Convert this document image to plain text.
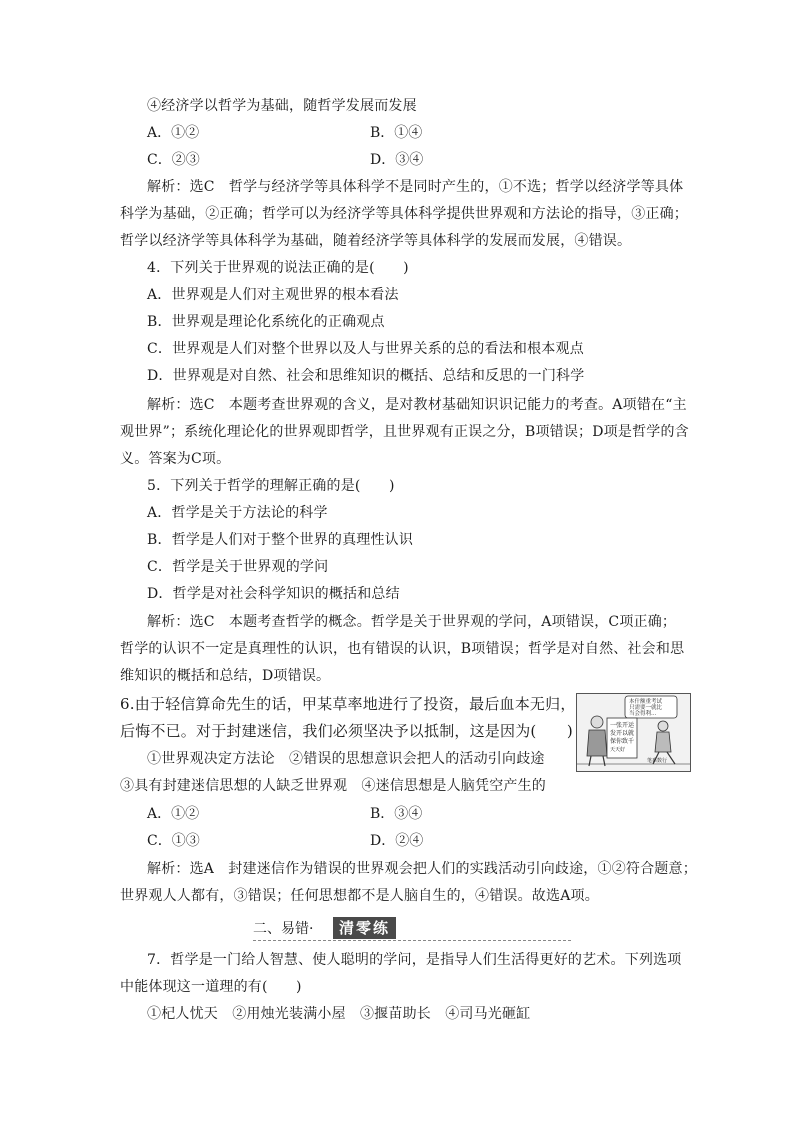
④经济学以哲学为基础，随哲学发展而发展
A．①②	B．①④
C．②③	D．③④
解析：选C　哲学与经济学等具体科学不是同时产生的，①不选；哲学以经济学等具体
科学为基础，②正确；哲学可以为经济学等具体科学提供世界观和方法论的指导，③正确；
哲学以经济学等具体科学为基础，随着经济学等具体科学的发展而发展，④错误。
4．下列关于世界观的说法正确的是(　　)
A．世界观是人们对主观世界的根本看法
B．世界观是理论化系统化的正确观点
C．世界观是人们对整个世界以及人与世界关系的总的看法和根本观点
D．世界观是对自然、社会和思维知识的概括、总结和反思的一门科学
解析：选C　本题考查世界观的含义，是对教材基础知识识记能力的考查。A项错在“主
观世界”；系统化理论化的世界观即哲学，且世界观有正误之分，B项错误；D项是哲学的含
义。答案为C项。
5．下列关于哲学的理解正确的是(　　)
A．哲学是关于方法论的科学
B．哲学是人们对于整个世界的真理性认识
C．哲学是关于世界观的学问
D．哲学是对社会科学知识的概括和总结
解析：选C　本题考查哲学的概念。哲学是关于世界观的学问，A项错误，C项正确；
哲学的认识不一定是真理性的认识，也有错误的认识，B项错误；哲学是对自然、社会和思
维知识的概括和总结，D项错误。
6.由于轻信算命先生的话，甲某草率地进行了投资，最后血本无归，
后悔不已。对于封建迷信，我们必须坚决予以抵制，这是因为(　　)
①世界观决定方法论　②错误的思想意识会把人的活动引向歧途
③具有封建迷信思想的人缺乏世界观　④迷信思想是人脑凭空产生的
A．①②	B．③④
C．①③	D．②④
解析：选A　封建迷信作为错误的世界观会把人们的实践活动引向歧途，①②符合题意；
世界观人人都有，③错误；任何思想都不是人脑自生的，④错误。故选A项。
本什额重考试
只需要一就比
当会得利…
一张开运
发开以就
保你致千
天天好
笔系数行
二、易错·	清零练
7．哲学是一门给人智慧、使人聪明的学问，是指导人们生活得更好的艺术。下列选项
中能体现这一道理的有(　　)
①杞人忧天　②用烛光装满小屋　③揠苗助长　④司马光砸缸
